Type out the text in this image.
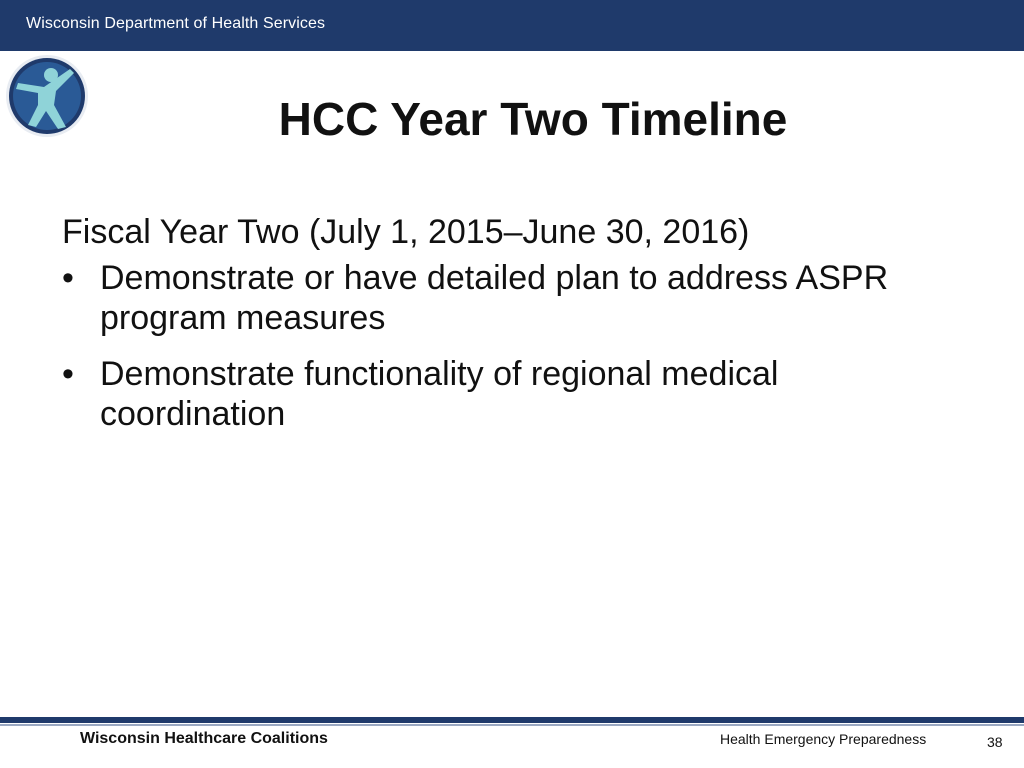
Wisconsin Department of Health Services
HCC Year Two Timeline

Fiscal Year Two (July 1, 2015–June 30, 2016)

• Demonstrate or have detailed plan to address ASPR program measures
• Demonstrate functionality of regional medical coordination
Wisconsin Healthcare Coalitions	Health Emergency Preparedness	38
